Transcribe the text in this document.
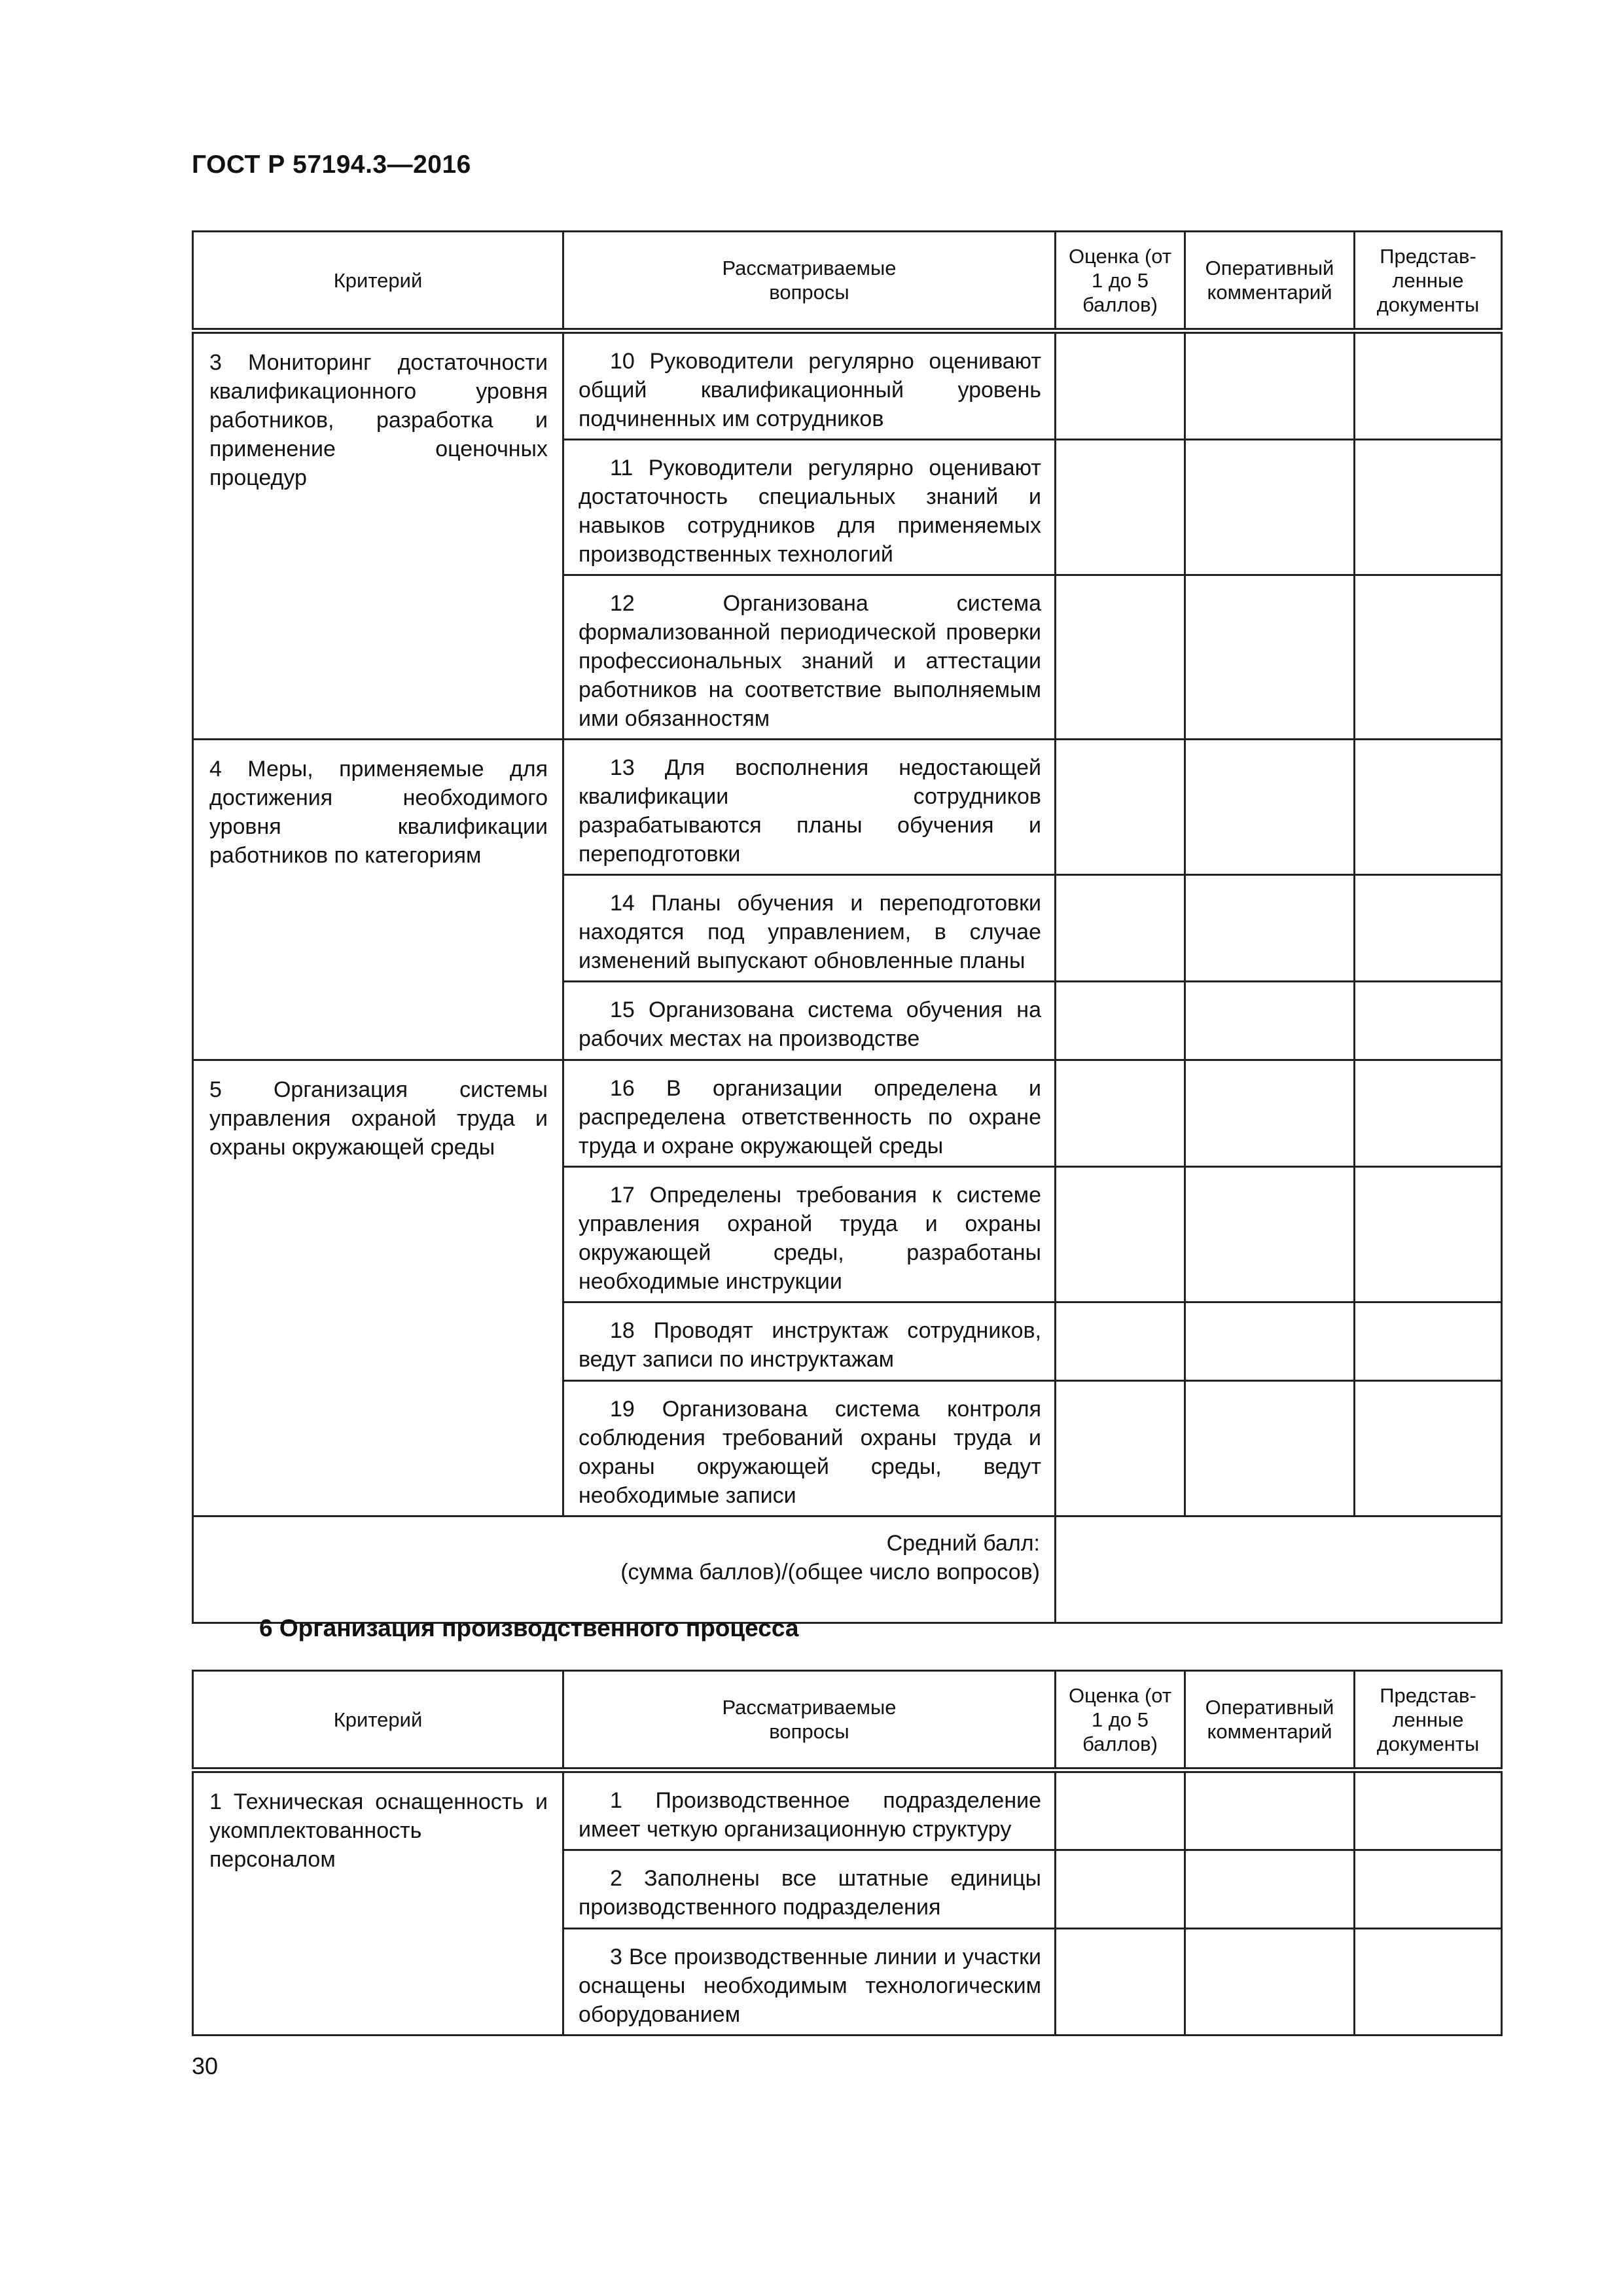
ГОСТ Р 57194.3—2016
Критерий	Рассматриваемые вопросы	Оценка (от 1 до 5 баллов)	Оперативный комментарий	Представ-ленные документы
3 Мониторинг достаточности квалификационного уровня работников, разработка и применение оценочных процедур	10 Руководители регулярно оценивают общий квалификационный уровень подчиненных им сотрудников			
	11 Руководители регулярно оценивают достаточность специальных знаний и навыков сотрудников для применяемых производственных технологий			
	12 Организована система формализованной периодической проверки профессиональных знаний и аттестации работников на соответствие выполняемым ими обязанностям			
4 Меры, применяемые для достижения необходимого уровня квалификации работников по категориям	13 Для восполнения недостающей квалификации сотрудников разрабатываются планы обучения и переподготовки			
	14 Планы обучения и переподготовки находятся под управлением, в случае изменений выпускают обновленные планы			
	15 Организована система обучения на рабочих местах на производстве			
5 Организация системы управления охраной труда и охраны окружающей среды	16 В организации определена и распределена ответственность по охране труда и охране окружающей среды			
	17 Определены требования к системе управления охраной труда и охраны окружающей среды, разработаны необходимые инструкции			
	18 Проводят инструктаж сотрудников, ведут записи по инструктажам			
	19 Организована система контроля соблюдения требований охраны труда и охраны окружающей среды, ведут необходимые записи			

Средний балл:
(сумма баллов)/(общее число вопросов)				

6 Организация производственного процесса
Критерий	Рассматриваемые вопросы	Оценка (от 1 до 5 баллов)	Оперативный комментарий	Представ-ленные документы
1 Техническая оснащенность и укомплектованность персоналом	1 Производственное подразделение имеет четкую организационную структуру			
	2 Заполнены все штатные единицы производственного подразделения			
	3 Все производственные линии и участки оснащены необходимым технологическим оборудованием			
30
